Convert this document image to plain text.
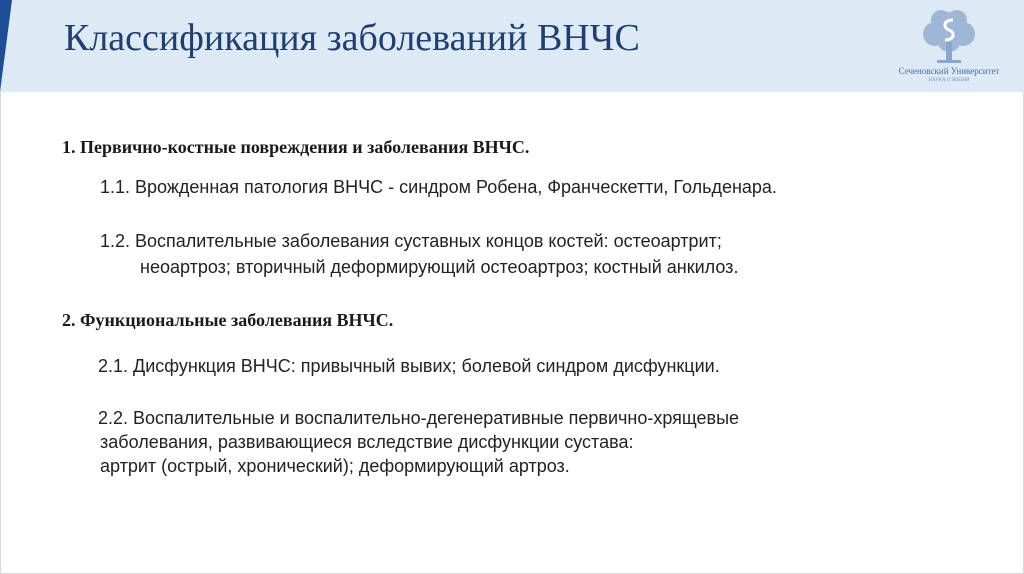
Классификация заболеваний ВНЧС
Сеченовский Университет
НАУКА О ЖИЗНИ
1. Первично-костные повреждения и заболевания ВНЧС.
1.1. Врожденная патология ВНЧС - синдром Робена, Франческетти, Гольденара.
1.2. Воспалительные заболевания суставных концов костей: остеоартрит;
неоартроз; вторичный деформирующий остеоартроз; костный анкилоз.
2. Функциональные заболевания ВНЧС.
2.1. Дисфункция ВНЧС: привычный вывих; болевой синдром дисфункции.
2.2. Воспалительные и воспалительно-дегенеративные первично-хрящевые
заболевания, развивающиеся вследствие дисфункции сустава:
артрит (острый, хронический); деформирующий артроз.
